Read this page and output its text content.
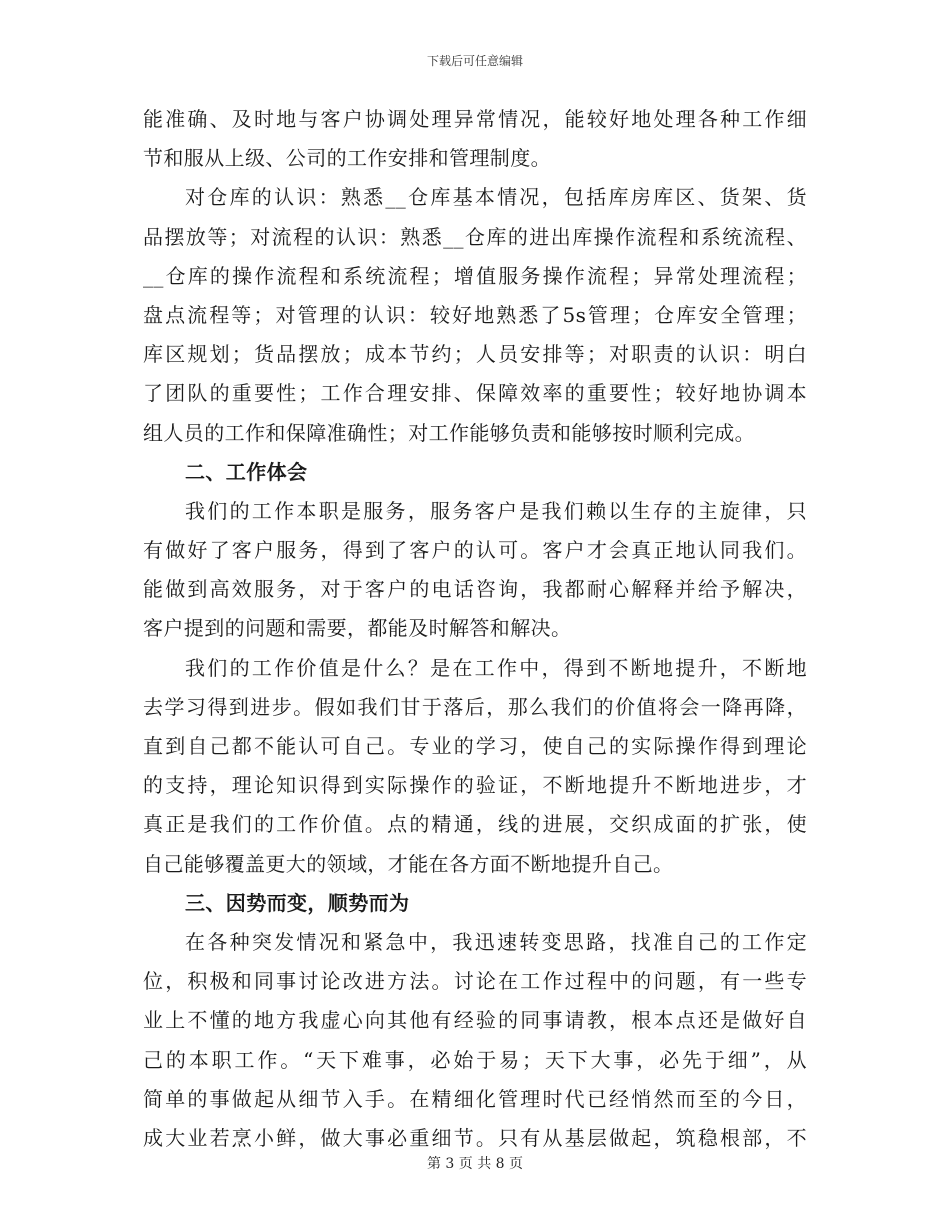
下载后可任意编辑
能准确、及时地与客户协调处理异常情况，能较好地处理各种工作细
节和服从上级、公司的工作安排和管理制度。
对仓库的认识：熟悉__仓库基本情况，包括库房库区、货架、货
品摆放等；对流程的认识：熟悉__仓库的进出库操作流程和系统流程、
__仓库的操作流程和系统流程；增值服务操作流程；异常处理流程；
盘点流程等；对管理的认识：较好地熟悉了5s管理；仓库安全管理；
库区规划；货品摆放；成本节约；人员安排等；对职责的认识：明白
了团队的重要性；工作合理安排、保障效率的重要性；较好地协调本
组人员的工作和保障准确性；对工作能够负责和能够按时顺利完成。
二、工作体会
我们的工作本职是服务，服务客户是我们赖以生存的主旋律，只
有做好了客户服务，得到了客户的认可。客户才会真正地认同我们。
能做到高效服务，对于客户的电话咨询，我都耐心解释并给予解决，
客户提到的问题和需要，都能及时解答和解决。
我们的工作价值是什么？是在工作中，得到不断地提升，不断地
去学习得到进步。假如我们甘于落后，那么我们的价值将会一降再降，
直到自己都不能认可自己。专业的学习，使自己的实际操作得到理论
的支持，理论知识得到实际操作的验证，不断地提升不断地进步，才
真正是我们的工作价值。点的精通，线的进展，交织成面的扩张，使
自己能够覆盖更大的领域，才能在各方面不断地提升自己。
三、因势而变，顺势而为
在各种突发情况和紧急中，我迅速转变思路，找准自己的工作定
位，积极和同事讨论改进方法。讨论在工作过程中的问题，有一些专
业上不懂的地方我虚心向其他有经验的同事请教，根本点还是做好自
己的本职工作。“天下难事，必始于易；天下大事，必先于细”，从
简单的事做起从细节入手。在精细化管理时代已经悄然而至的今日，
成大业若烹小鲜，做大事必重细节。只有从基层做起，筑稳根部，不
第 3 页 共 8 页
